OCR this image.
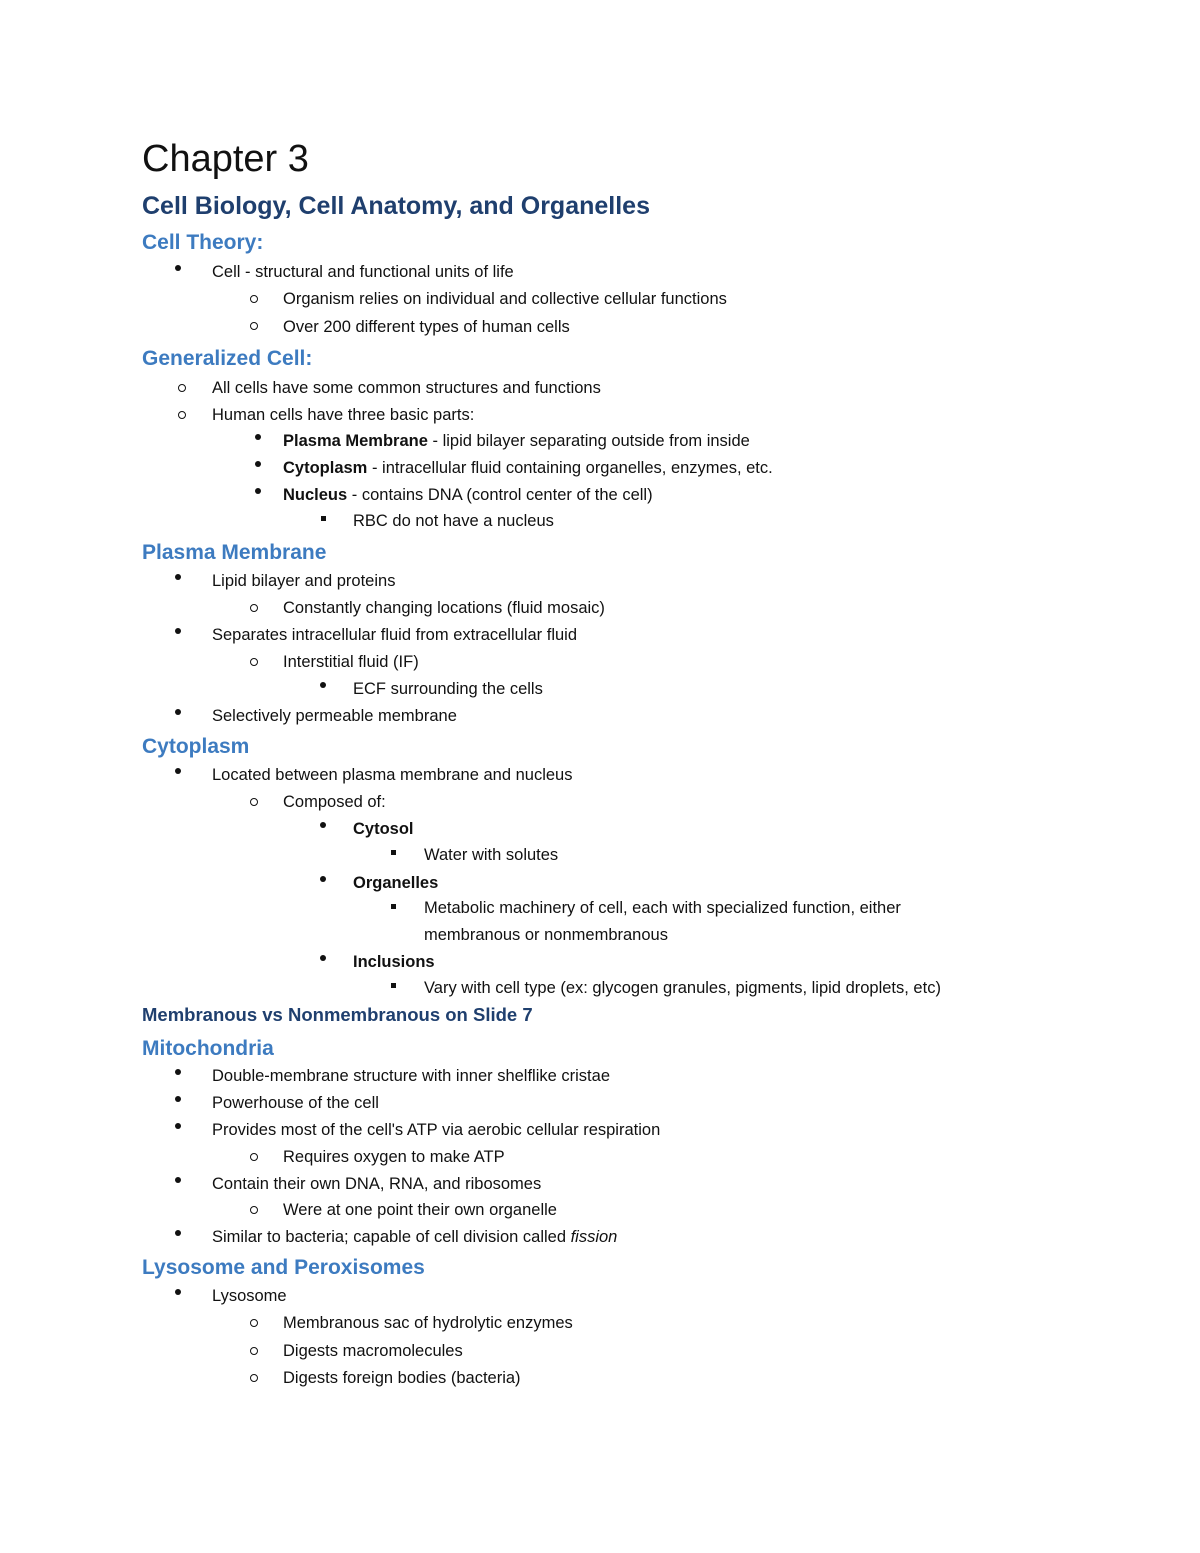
Chapter 3
Cell Biology, Cell Anatomy, and Organelles
Cell Theory:
Cell - structural and functional units of life
Organism relies on individual and collective cellular functions
Over 200 different types of human cells
Generalized Cell:
All cells have some common structures and functions
Human cells have three basic parts:
Plasma Membrane - lipid bilayer separating outside from inside
Cytoplasm - intracellular fluid containing organelles, enzymes, etc.
Nucleus - contains DNA (control center of the cell)
RBC do not have a nucleus
Plasma Membrane
Lipid bilayer and proteins
Constantly changing locations (fluid mosaic)
Separates intracellular fluid from extracellular fluid
Interstitial fluid (IF)
ECF surrounding the cells
Selectively permeable membrane
Cytoplasm
Located between plasma membrane and nucleus
Composed of:
Cytosol
Water with solutes
Organelles
Metabolic machinery of cell, each with specialized function, either
membranous or nonmembranous
Inclusions
Vary with cell type (ex: glycogen granules, pigments, lipid droplets, etc)
Membranous vs Nonmembranous on Slide 7
Mitochondria
Double-membrane structure with inner shelflike cristae
Powerhouse of the cell
Provides most of the cell's ATP via aerobic cellular respiration
Requires oxygen to make ATP
Contain their own DNA, RNA, and ribosomes
Were at one point their own organelle
Similar to bacteria; capable of cell division called fission
Lysosome and Peroxisomes
Lysosome
Membranous sac of hydrolytic enzymes
Digests macromolecules
Digests foreign bodies (bacteria)
